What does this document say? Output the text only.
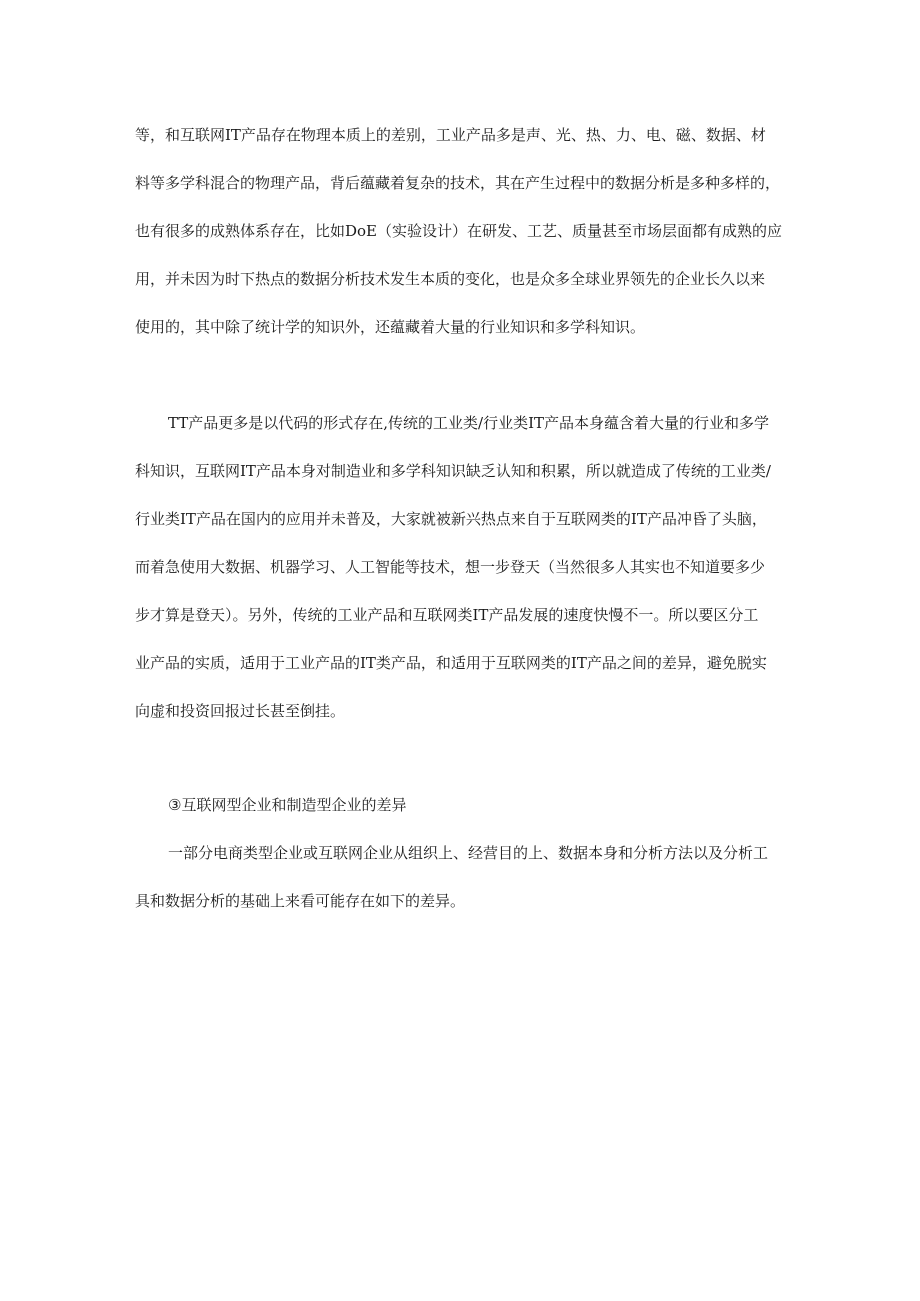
等，和互联网IT产品存在物理本质上的差别，工业产品多是声、光、热、力、电、磁、数据、材
料等多学科混合的物理产品，背后蕴藏着复杂的技术，其在产生过程中的数据分析是多种多样的，
也有很多的成熟体系存在，比如DoE（实验设计）在研发、工艺、质量甚至市场层面都有成熟的应
用，并未因为时下热点的数据分析技术发生本质的变化，也是众多全球业界领先的企业长久以来
使用的，其中除了统计学的知识外，还蕴藏着大量的行业知识和多学科知识。
TT产品更多是以代码的形式存在,传统的工业类/行业类IT产品本身蕴含着大量的行业和多学
科知识，互联网IT产品本身对制造业和多学科知识缺乏认知和积累，所以就造成了传统的工业类/
行业类IT产品在国内的应用并未普及，大家就被新兴热点来自于互联网类的IT产品冲昏了头脑，
而着急使用大数据、机器学习、人工智能等技术，想一步登天（当然很多人其实也不知道要多少
步才算是登天）。另外，传统的工业产品和互联网类IT产品发展的速度快慢不一。所以要区分工
业产品的实质，适用于工业产品的IT类产品，和适用于互联网类的IT产品之间的差异，避免脱实
向虚和投资回报过长甚至倒挂。
③互联网型企业和制造型企业的差异
一部分电商类型企业或互联网企业从组织上、经营目的上、数据本身和分析方法以及分析工
具和数据分析的基础上来看可能存在如下的差异。
